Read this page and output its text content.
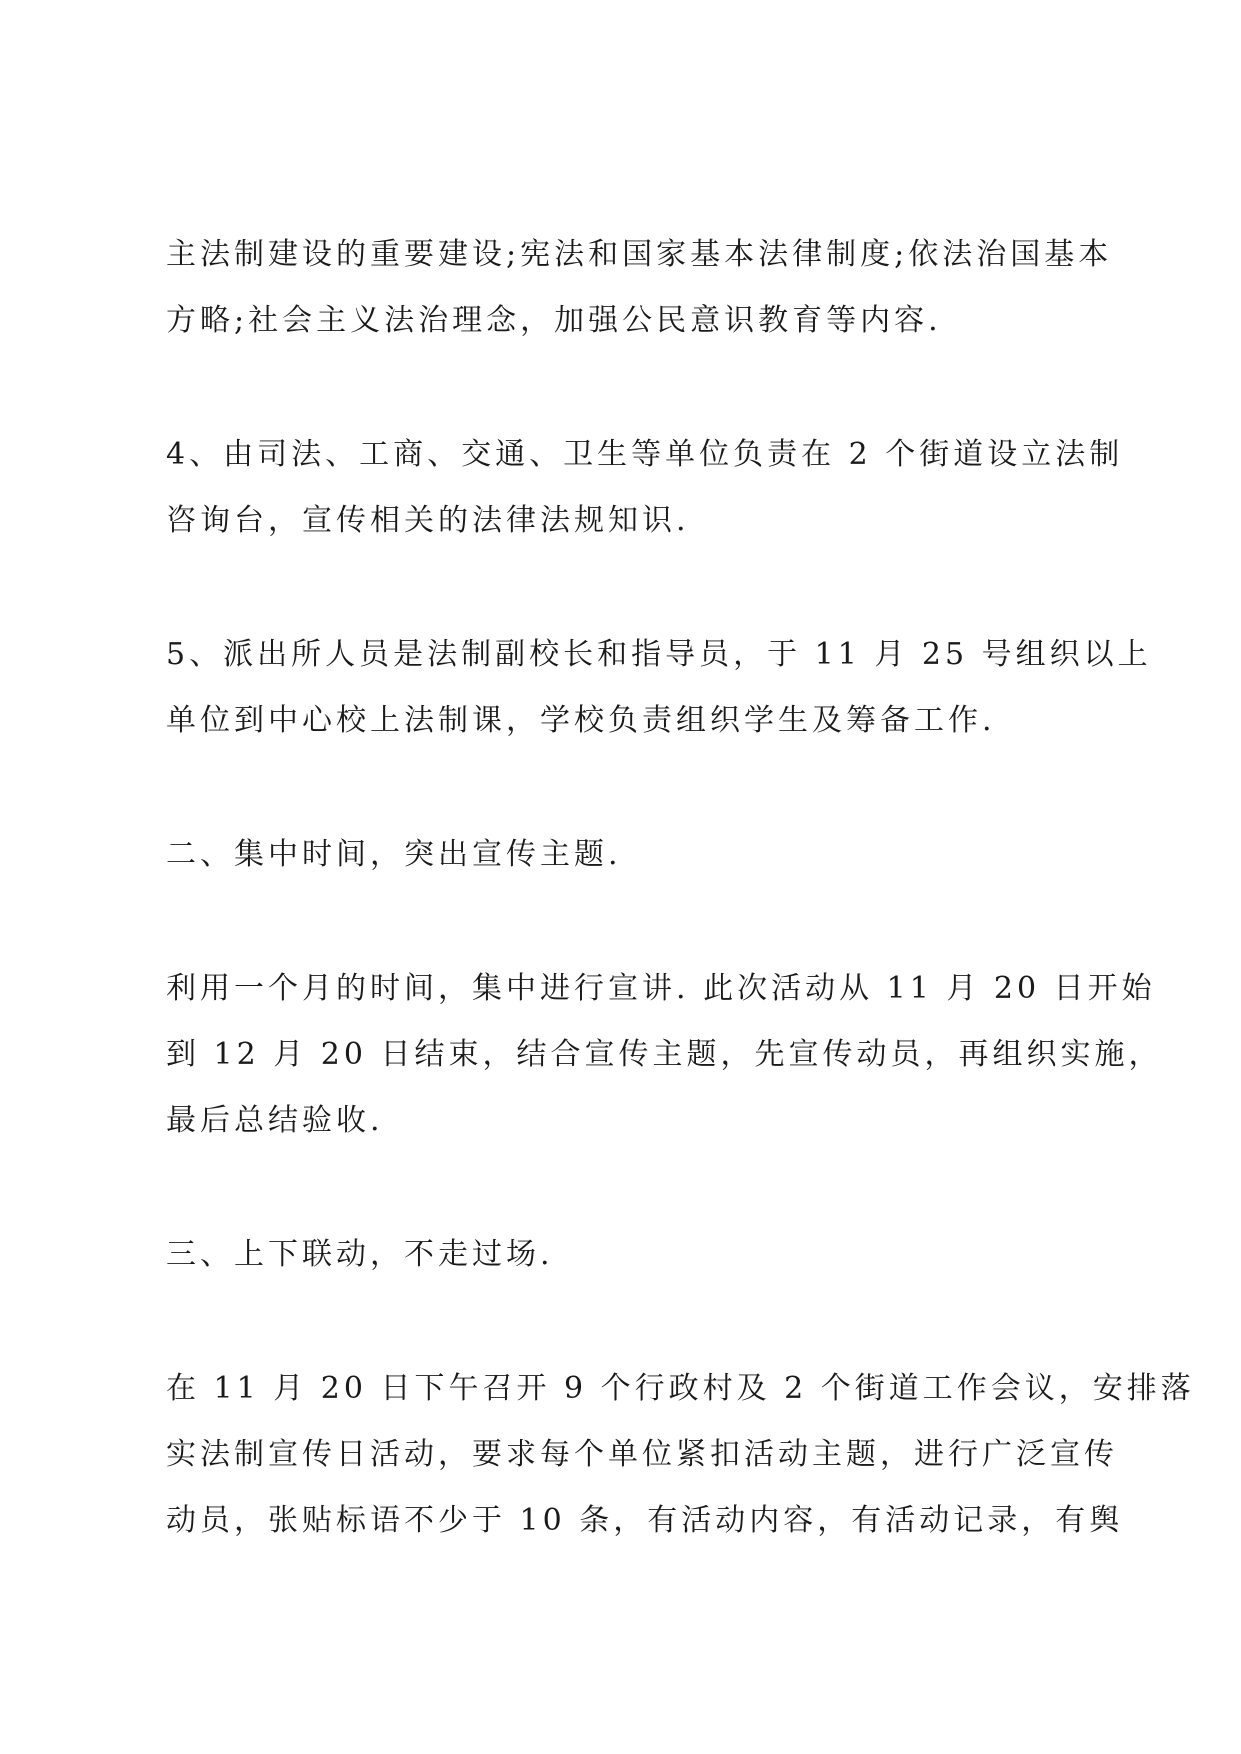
主法制建设的重要建设;宪法和国家基本法律制度;依法治国基本
方略;社会主义法治理念，加强公民意识教育等内容.
4、由司法、工商、交通、卫生等单位负责在 2 个街道设立法制
咨询台，宣传相关的法律法规知识.
5、派出所人员是法制副校长和指导员，于 11 月 25 号组织以上
单位到中心校上法制课，学校负责组织学生及筹备工作.
二、集中时间，突出宣传主题.
利用一个月的时间，集中进行宣讲. 此次活动从 11 月 20 日开始
到 12 月 20 日结束，结合宣传主题，先宣传动员，再组织实施，
最后总结验收.
三、上下联动，不走过场.
在 11 月 20 日下午召开 9 个行政村及 2 个街道工作会议，安排落
实法制宣传日活动，要求每个单位紧扣活动主题，进行广泛宣传
动员，张贴标语不少于 10 条，有活动内容，有活动记录，有舆
